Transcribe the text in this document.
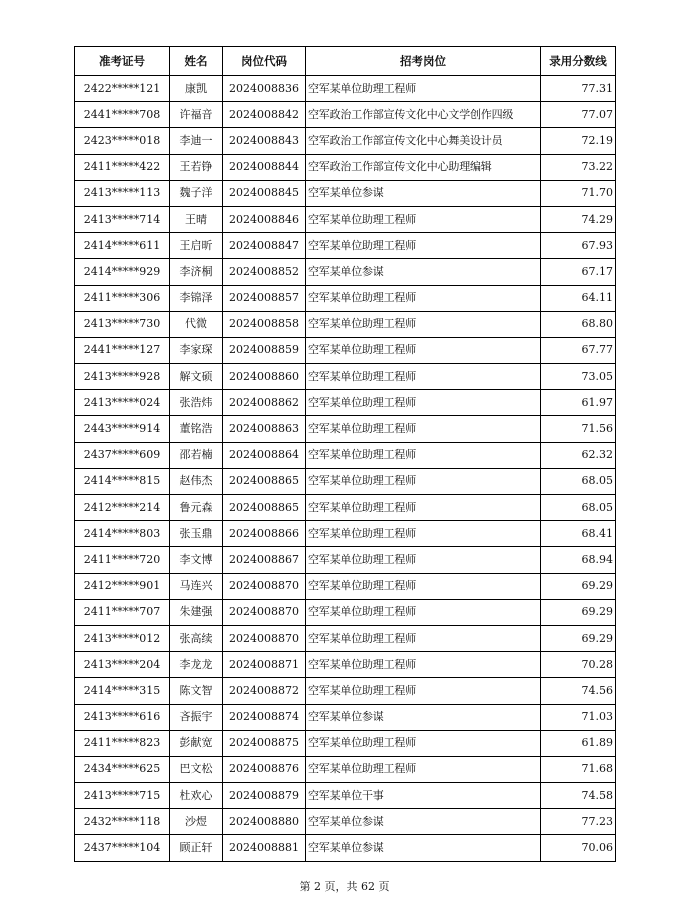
准考证号	姓名	岗位代码	招考岗位	录用分数线
2422*****121	康凯	2024008836	空军某单位助理工程师	77.31
2441*****708	许福音	2024008842	空军政治工作部宣传文化中心文学创作四级	77.07
2423*****018	李迪一	2024008843	空军政治工作部宣传文化中心舞美设计员	72.19
2411*****422	王若铮	2024008844	空军政治工作部宣传文化中心助理编辑	73.22
2413*****113	魏子洋	2024008845	空军某单位参谋	71.70
2413*****714	王晴	2024008846	空军某单位助理工程师	74.29
2414*****611	王启昕	2024008847	空军某单位助理工程师	67.93
2414*****929	李济桐	2024008852	空军某单位参谋	67.17
2411*****306	李锦泽	2024008857	空军某单位助理工程师	64.11
2413*****730	代微	2024008858	空军某单位助理工程师	68.80
2441*****127	李家琛	2024008859	空军某单位助理工程师	67.77
2413*****928	解文硕	2024008860	空军某单位助理工程师	73.05
2413*****024	张浩炜	2024008862	空军某单位助理工程师	61.97
2443*****914	董铭浩	2024008863	空军某单位助理工程师	71.56
2437*****609	邵若楠	2024008864	空军某单位助理工程师	62.32
2414*****815	赵伟杰	2024008865	空军某单位助理工程师	68.05
2412*****214	鲁元森	2024008865	空军某单位助理工程师	68.05
2414*****803	张玉鼎	2024008866	空军某单位助理工程师	68.41
2411*****720	李文博	2024008867	空军某单位助理工程师	68.94
2412*****901	马连兴	2024008870	空军某单位助理工程师	69.29
2411*****707	朱建强	2024008870	空军某单位助理工程师	69.29
2413*****012	张高续	2024008870	空军某单位助理工程师	69.29
2413*****204	李龙龙	2024008871	空军某单位助理工程师	70.28
2414*****315	陈文智	2024008872	空军某单位助理工程师	74.56
2413*****616	吝振宇	2024008874	空军某单位参谋	71.03
2411*****823	彭献宽	2024008875	空军某单位助理工程师	61.89
2434*****625	巴文松	2024008876	空军某单位助理工程师	71.68
2413*****715	杜欢心	2024008879	空军某单位干事	74.58
2432*****118	沙煜	2024008880	空军某单位参谋	77.23
2437*****104	顾正轩	2024008881	空军某单位参谋	70.06
第 2 页，共 62 页
